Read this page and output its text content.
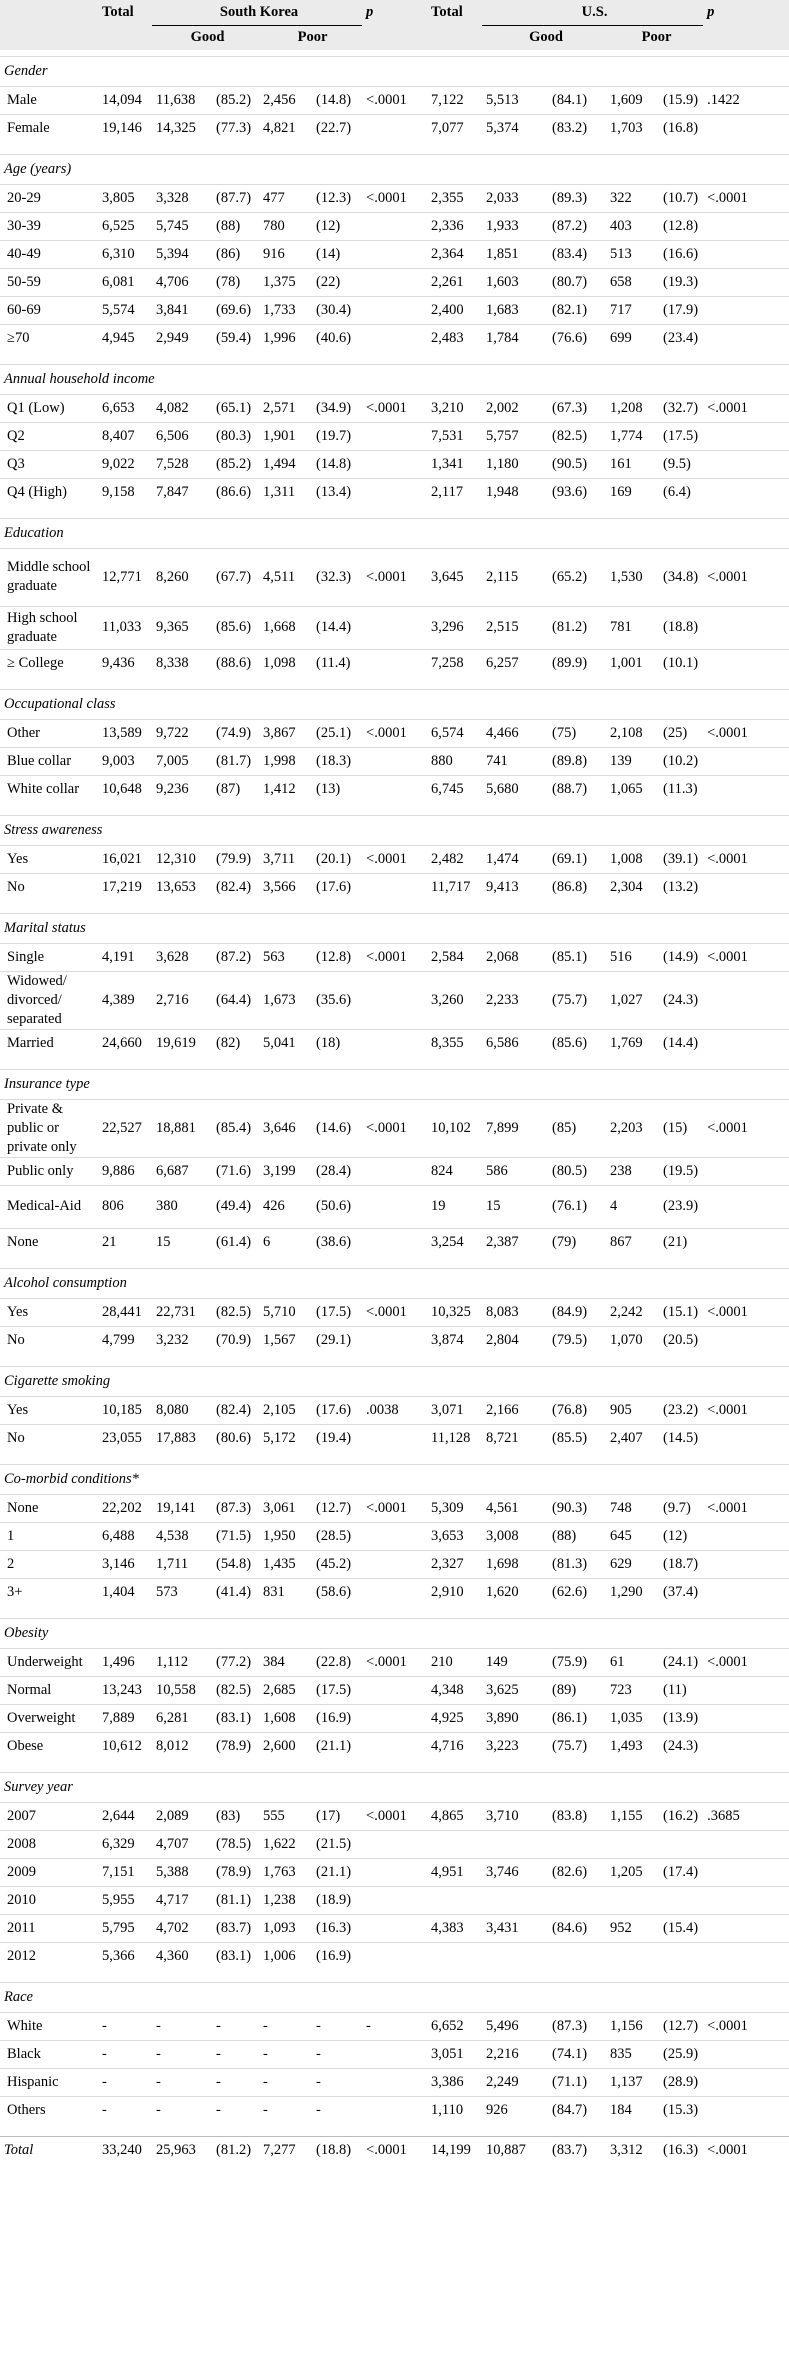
	Total	South Korea				p	Total	U.S.				p	
		Good		Poor				Good		Poor			

Gender													
Male	14,094	11,638	(85.2)	2,456	(14.8)	<.0001	7,122	5,513	(84.1)	1,609	(15.9)	.1422	
Female	19,146	14,325	(77.3)	4,821	(22.7)		7,077	5,374	(83.2)	1,703	(16.8)		

Age (years)													
20-29	3,805	3,328	(87.7)	477	(12.3)	<.0001	2,355	2,033	(89.3)	322	(10.7)	<.0001	
30-39	6,525	5,745	(88)	780	(12)		2,336	1,933	(87.2)	403	(12.8)		
40-49	6,310	5,394	(86)	916	(14)		2,364	1,851	(83.4)	513	(16.6)		
50-59	6,081	4,706	(78)	1,375	(22)		2,261	1,603	(80.7)	658	(19.3)		
60-69	5,574	3,841	(69.6)	1,733	(30.4)		2,400	1,683	(82.1)	717	(17.9)		
≥70	4,945	2,949	(59.4)	1,996	(40.6)		2,483	1,784	(76.6)	699	(23.4)		

Annual household income													
Q1 (Low)	6,653	4,082	(65.1)	2,571	(34.9)	<.0001	3,210	2,002	(67.3)	1,208	(32.7)	<.0001	
Q2	8,407	6,506	(80.3)	1,901	(19.7)		7,531	5,757	(82.5)	1,774	(17.5)		
Q3	9,022	7,528	(85.2)	1,494	(14.8)		1,341	1,180	(90.5)	161	(9.5)		
Q4 (High)	9,158	7,847	(86.6)	1,311	(13.4)		2,117	1,948	(93.6)	169	(6.4)		

Education													
Middle school graduate	12,771	8,260	(67.7)	4,511	(32.3)	<.0001	3,645	2,115	(65.2)	1,530	(34.8)	<.0001	
High school graduate	11,033	9,365	(85.6)	1,668	(14.4)		3,296	2,515	(81.2)	781	(18.8)		
≥ College	9,436	8,338	(88.6)	1,098	(11.4)		7,258	6,257	(89.9)	1,001	(10.1)		

Occupational class													
Other	13,589	9,722	(74.9)	3,867	(25.1)	<.0001	6,574	4,466	(75)	2,108	(25)	<.0001	
Blue collar	9,003	7,005	(81.7)	1,998	(18.3)		880	741	(89.8)	139	(10.2)		
White collar	10,648	9,236	(87)	1,412	(13)		6,745	5,680	(88.7)	1,065	(11.3)		

Stress awareness													
Yes	16,021	12,310	(79.9)	3,711	(20.1)	<.0001	2,482	1,474	(69.1)	1,008	(39.1)	<.0001	
No	17,219	13,653	(82.4)	3,566	(17.6)		11,717	9,413	(86.8)	2,304	(13.2)		

Marital status													
Single	4,191	3,628	(87.2)	563	(12.8)	<.0001	2,584	2,068	(85.1)	516	(14.9)	<.0001	
Widowed/ divorced/ separated	4,389	2,716	(64.4)	1,673	(35.6)		3,260	2,233	(75.7)	1,027	(24.3)		
Married	24,660	19,619	(82)	5,041	(18)		8,355	6,586	(85.6)	1,769	(14.4)		

Insurance type													
Private & public or private only	22,527	18,881	(85.4)	3,646	(14.6)	<.0001	10,102	7,899	(85)	2,203	(15)	<.0001	
Public only	9,886	6,687	(71.6)	3,199	(28.4)		824	586	(80.5)	238	(19.5)		
Medical-Aid	806	380	(49.4)	426	(50.6)		19	15	(76.1)	4	(23.9)		
None	21	15	(61.4)	6	(38.6)		3,254	2,387	(79)	867	(21)		

Alcohol consumption													
Yes	28,441	22,731	(82.5)	5,710	(17.5)	<.0001	10,325	8,083	(84.9)	2,242	(15.1)	<.0001	
No	4,799	3,232	(70.9)	1,567	(29.1)		3,874	2,804	(79.5)	1,070	(20.5)		

Cigarette smoking													
Yes	10,185	8,080	(82.4)	2,105	(17.6)	.0038	3,071	2,166	(76.8)	905	(23.2)	<.0001	
No	23,055	17,883	(80.6)	5,172	(19.4)		11,128	8,721	(85.5)	2,407	(14.5)		

Co-morbid conditions*													
None	22,202	19,141	(87.3)	3,061	(12.7)	<.0001	5,309	4,561	(90.3)	748	(9.7)	<.0001	
1	6,488	4,538	(71.5)	1,950	(28.5)		3,653	3,008	(88)	645	(12)		
2	3,146	1,711	(54.8)	1,435	(45.2)		2,327	1,698	(81.3)	629	(18.7)		
3+	1,404	573	(41.4)	831	(58.6)		2,910	1,620	(62.6)	1,290	(37.4)		

Obesity													
Underweight	1,496	1,112	(77.2)	384	(22.8)	<.0001	210	149	(75.9)	61	(24.1)	<.0001	
Normal	13,243	10,558	(82.5)	2,685	(17.5)		4,348	3,625	(89)	723	(11)		
Overweight	7,889	6,281	(83.1)	1,608	(16.9)		4,925	3,890	(86.1)	1,035	(13.9)		
Obese	10,612	8,012	(78.9)	2,600	(21.1)		4,716	3,223	(75.7)	1,493	(24.3)		

Survey year													
2007	2,644	2,089	(83)	555	(17)	<.0001	4,865	3,710	(83.8)	1,155	(16.2)	.3685	
2008	6,329	4,707	(78.5)	1,622	(21.5)								
2009	7,151	5,388	(78.9)	1,763	(21.1)		4,951	3,746	(82.6)	1,205	(17.4)		
2010	5,955	4,717	(81.1)	1,238	(18.9)								
2011	5,795	4,702	(83.7)	1,093	(16.3)		4,383	3,431	(84.6)	952	(15.4)		
2012	5,366	4,360	(83.1)	1,006	(16.9)								

Race													
White	-	-	-	-	-	-	6,652	5,496	(87.3)	1,156	(12.7)	<.0001	
Black	-	-	-	-	-		3,051	2,216	(74.1)	835	(25.9)		
Hispanic	-	-	-	-	-		3,386	2,249	(71.1)	1,137	(28.9)		
Others	-	-	-	-	-		1,110	926	(84.7)	184	(15.3)		

Total	33,240	25,963	(81.2)	7,277	(18.8)	<.0001	14,199	10,887	(83.7)	3,312	(16.3)	<.0001	
